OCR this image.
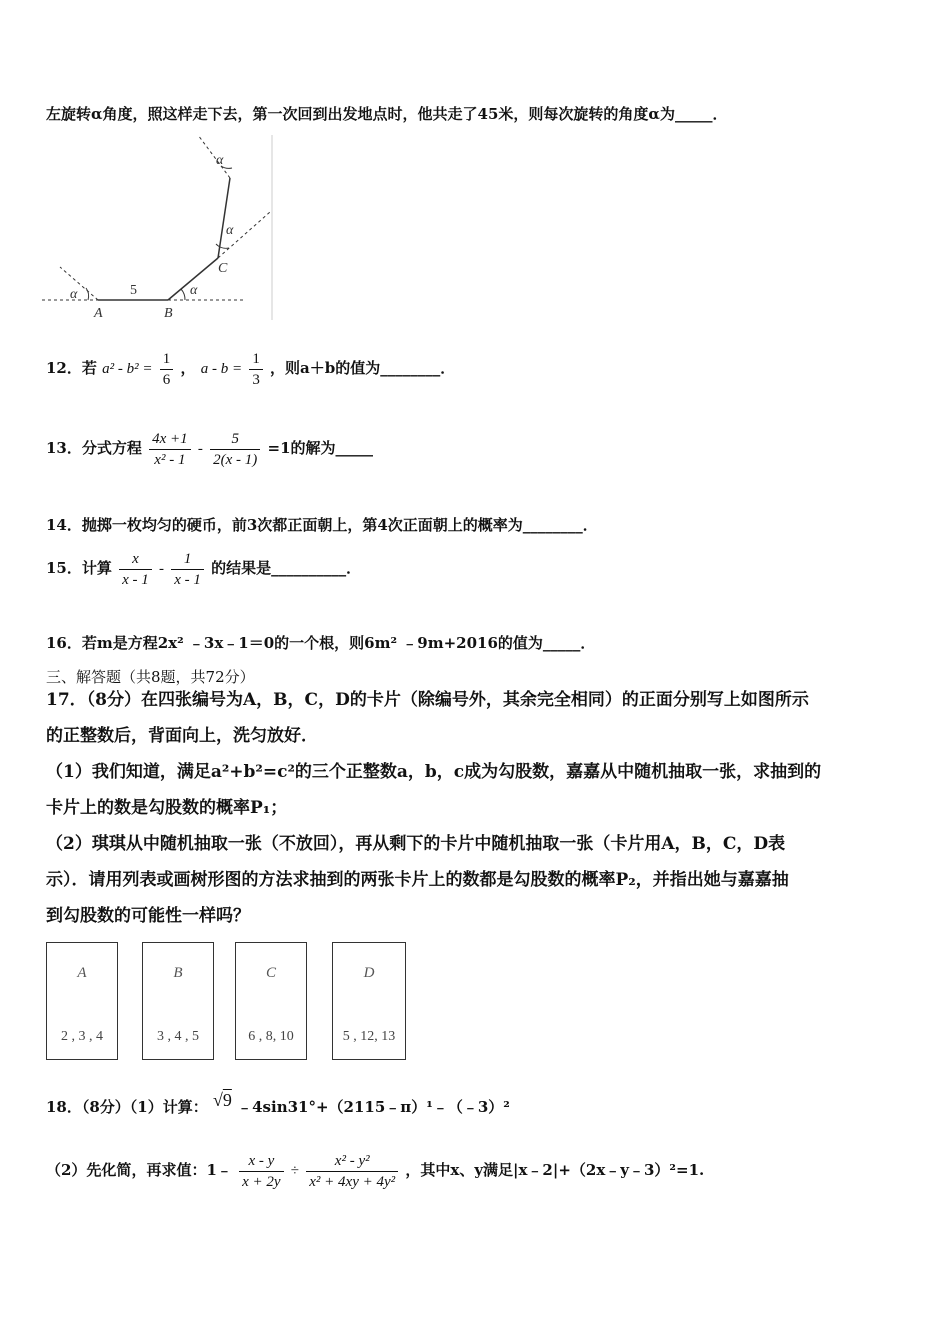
左旋转α角度，照这样走下去，第一次回到出发地点时，他共走了45米，则每次旋转的角度α为_____．
α	α
α
α
5
A	B
C
12．若 $a^2 - b^2 = \frac{1}{6}$ ， $a - b = \frac{1}{3}$ ，则a＋b的值为________．
13．分式方程 $\frac{4x +1}{\text{x² - 1}} - \frac{5}{2(x - 1)} =1$的解为_____
14．抛掷一枚均匀的硬币，前3次都正面朝上，第4次正面朝上的概率为________．
15．计算 $\frac{x}{x - 1} - \frac{1}{x - 1}$ 的结果是__________．
16．若m是方程2x² ﹣3x﹣1＝0的一个根，则6m² ﹣9m+2016的值为_____．
三、解答题（共8题，共72分）
17．（8分）在四张编号为A，B，C，D的卡片（除编号外，其余完全相同）的正面分别写上如图所示
的正整数后，背面向上，洗匀放好．
（1）我们知道，满足a²+b²=c²的三个正整数a，b，c成为勾股数，嘉嘉从中随机抽取一张，求抽到的
卡片上的数是勾股数的概率P₁；
（2）琪琪从中随机抽取一张（不放回），再从剩下的卡片中随机抽取一张（卡片用A，B，C，D表
示）．请用列表或画树形图的方法求抽到的两张卡片上的数都是勾股数的概率P₂，并指出她与嘉嘉抽
到勾股数的可能性一样吗？
A
2 , 3 , 4
B
3 , 4 , 5
C
6 , 8, 10
D
5 , 12, 13
18．（8分）（1）计算： √9 ﹣4sin31°+（2115﹣π）¹﹣（﹣3）²
（2）先化简，再求值：1﹣ $\frac{x - y}{x + 2y} \div \frac{\text{x² - y²}}{\text{x² + 4xy + 4y²}}$ ，其中x、y满足|x﹣2|+（2x﹣y﹣3）²=1.
